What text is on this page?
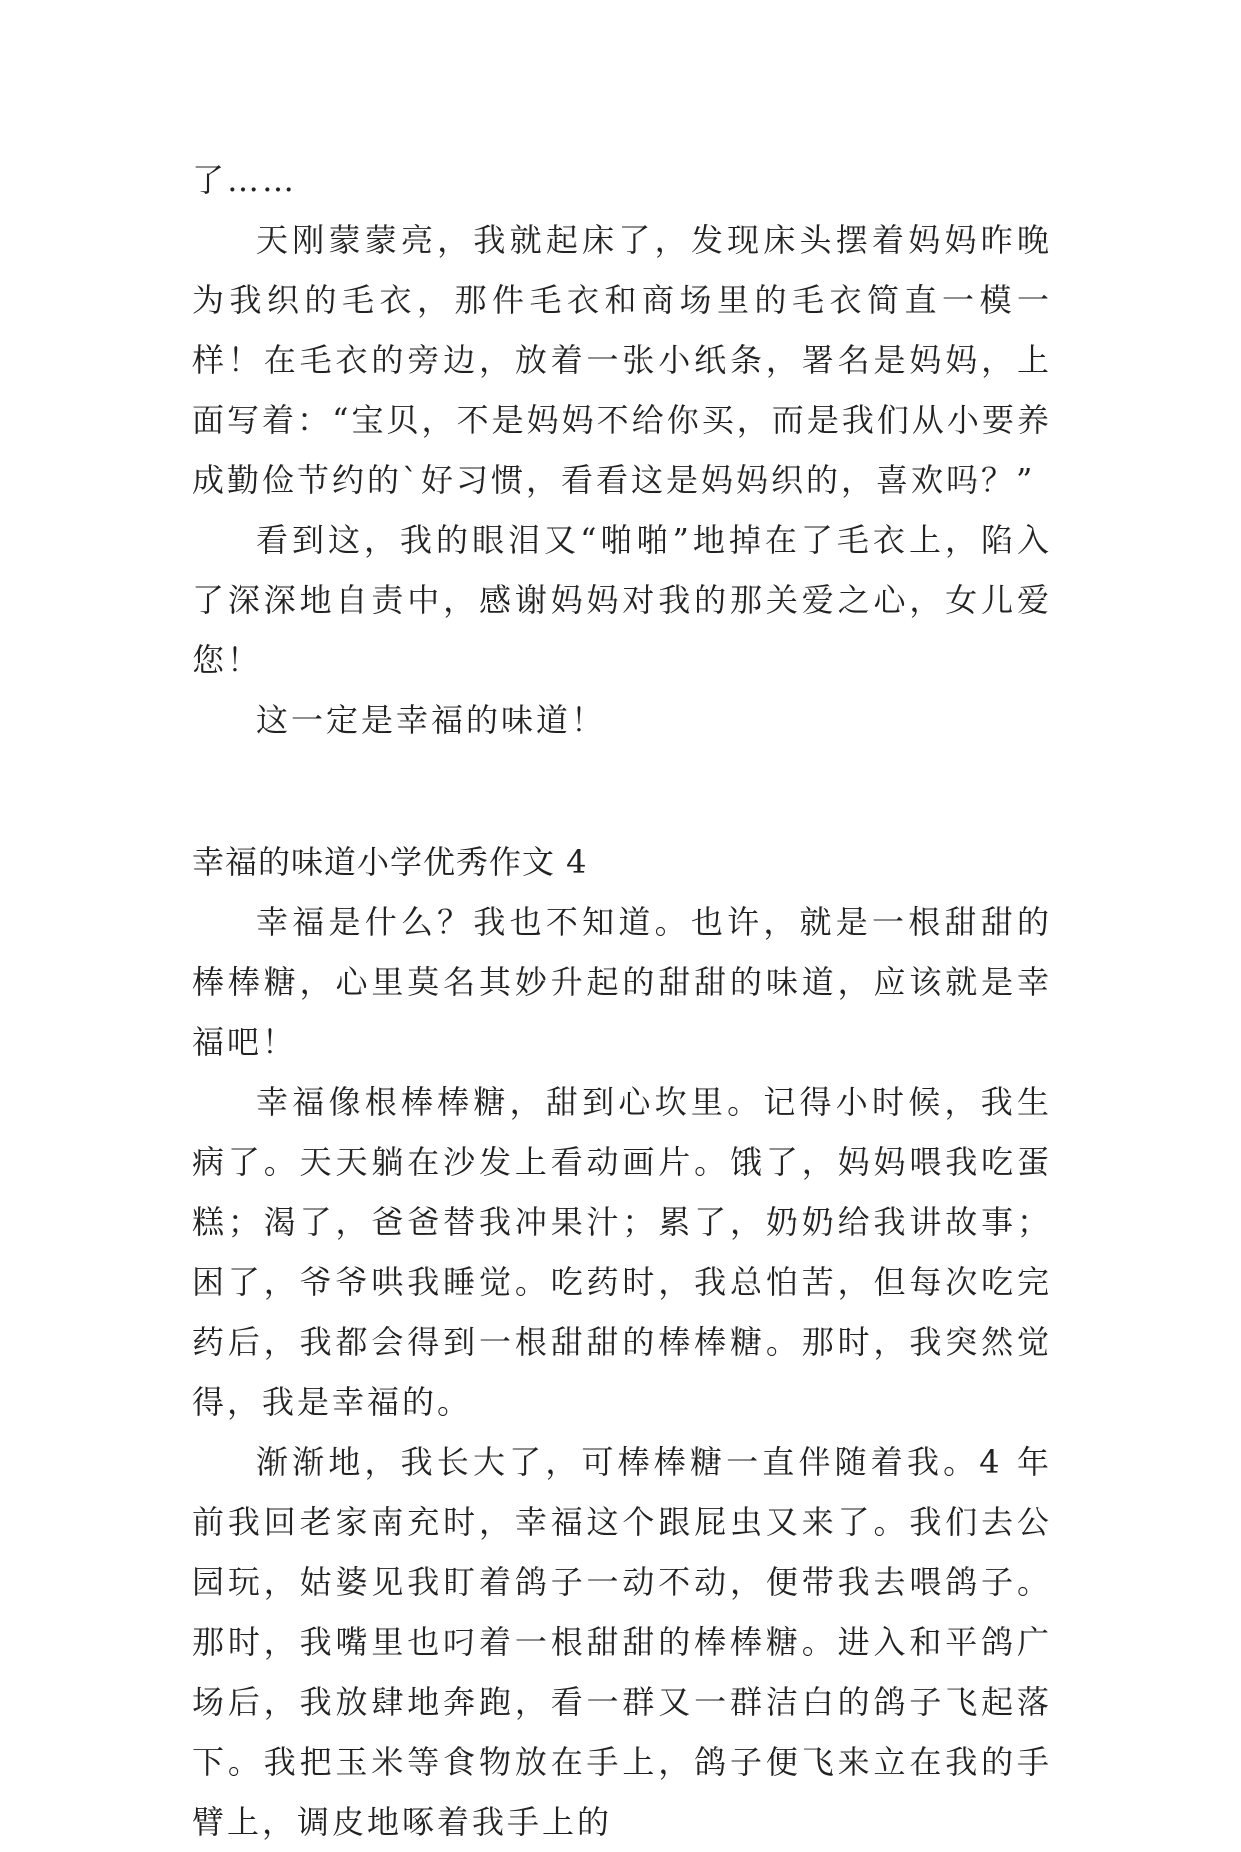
了……

天刚蒙蒙亮，我就起床了，发现床头摆着妈妈昨晚为我织的毛衣，那件毛衣和商场里的毛衣简直一模一样！在毛衣的旁边，放着一张小纸条，署名是妈妈，上面写着：“宝贝，不是妈妈不给你买，而是我们从小要养成勤俭节约的`好习惯，看看这是妈妈织的，喜欢吗？”

看到这，我的眼泪又“啪啪”地掉在了毛衣上，陷入了深深地自责中，感谢妈妈对我的那关爱之心，女儿爱您！

这一定是幸福的味道！

幸福的味道小学优秀作文 4

幸福是什么？我也不知道。也许，就是一根甜甜的棒棒糖，心里莫名其妙升起的甜甜的味道，应该就是幸福吧！

幸福像根棒棒糖，甜到心坎里。记得小时候，我生病了。天天躺在沙发上看动画片。饿了，妈妈喂我吃蛋糕；渴了，爸爸替我冲果汁；累了，奶奶给我讲故事；困了，爷爷哄我睡觉。吃药时，我总怕苦，但每次吃完药后，我都会得到一根甜甜的棒棒糖。那时，我突然觉得，我是幸福的。

渐渐地，我长大了，可棒棒糖一直伴随着我。4 年前我回老家南充时，幸福这个跟屁虫又来了。我们去公园玩，姑婆见我盯着鸽子一动不动，便带我去喂鸽子。那时，我嘴里也叼着一根甜甜的棒棒糖。进入和平鸽广场后，我放肆地奔跑，看一群又一群洁白的鸽子飞起落下。我把玉米等食物放在手上，鸽子便飞来立在我的手臂上，调皮地啄着我手上的
